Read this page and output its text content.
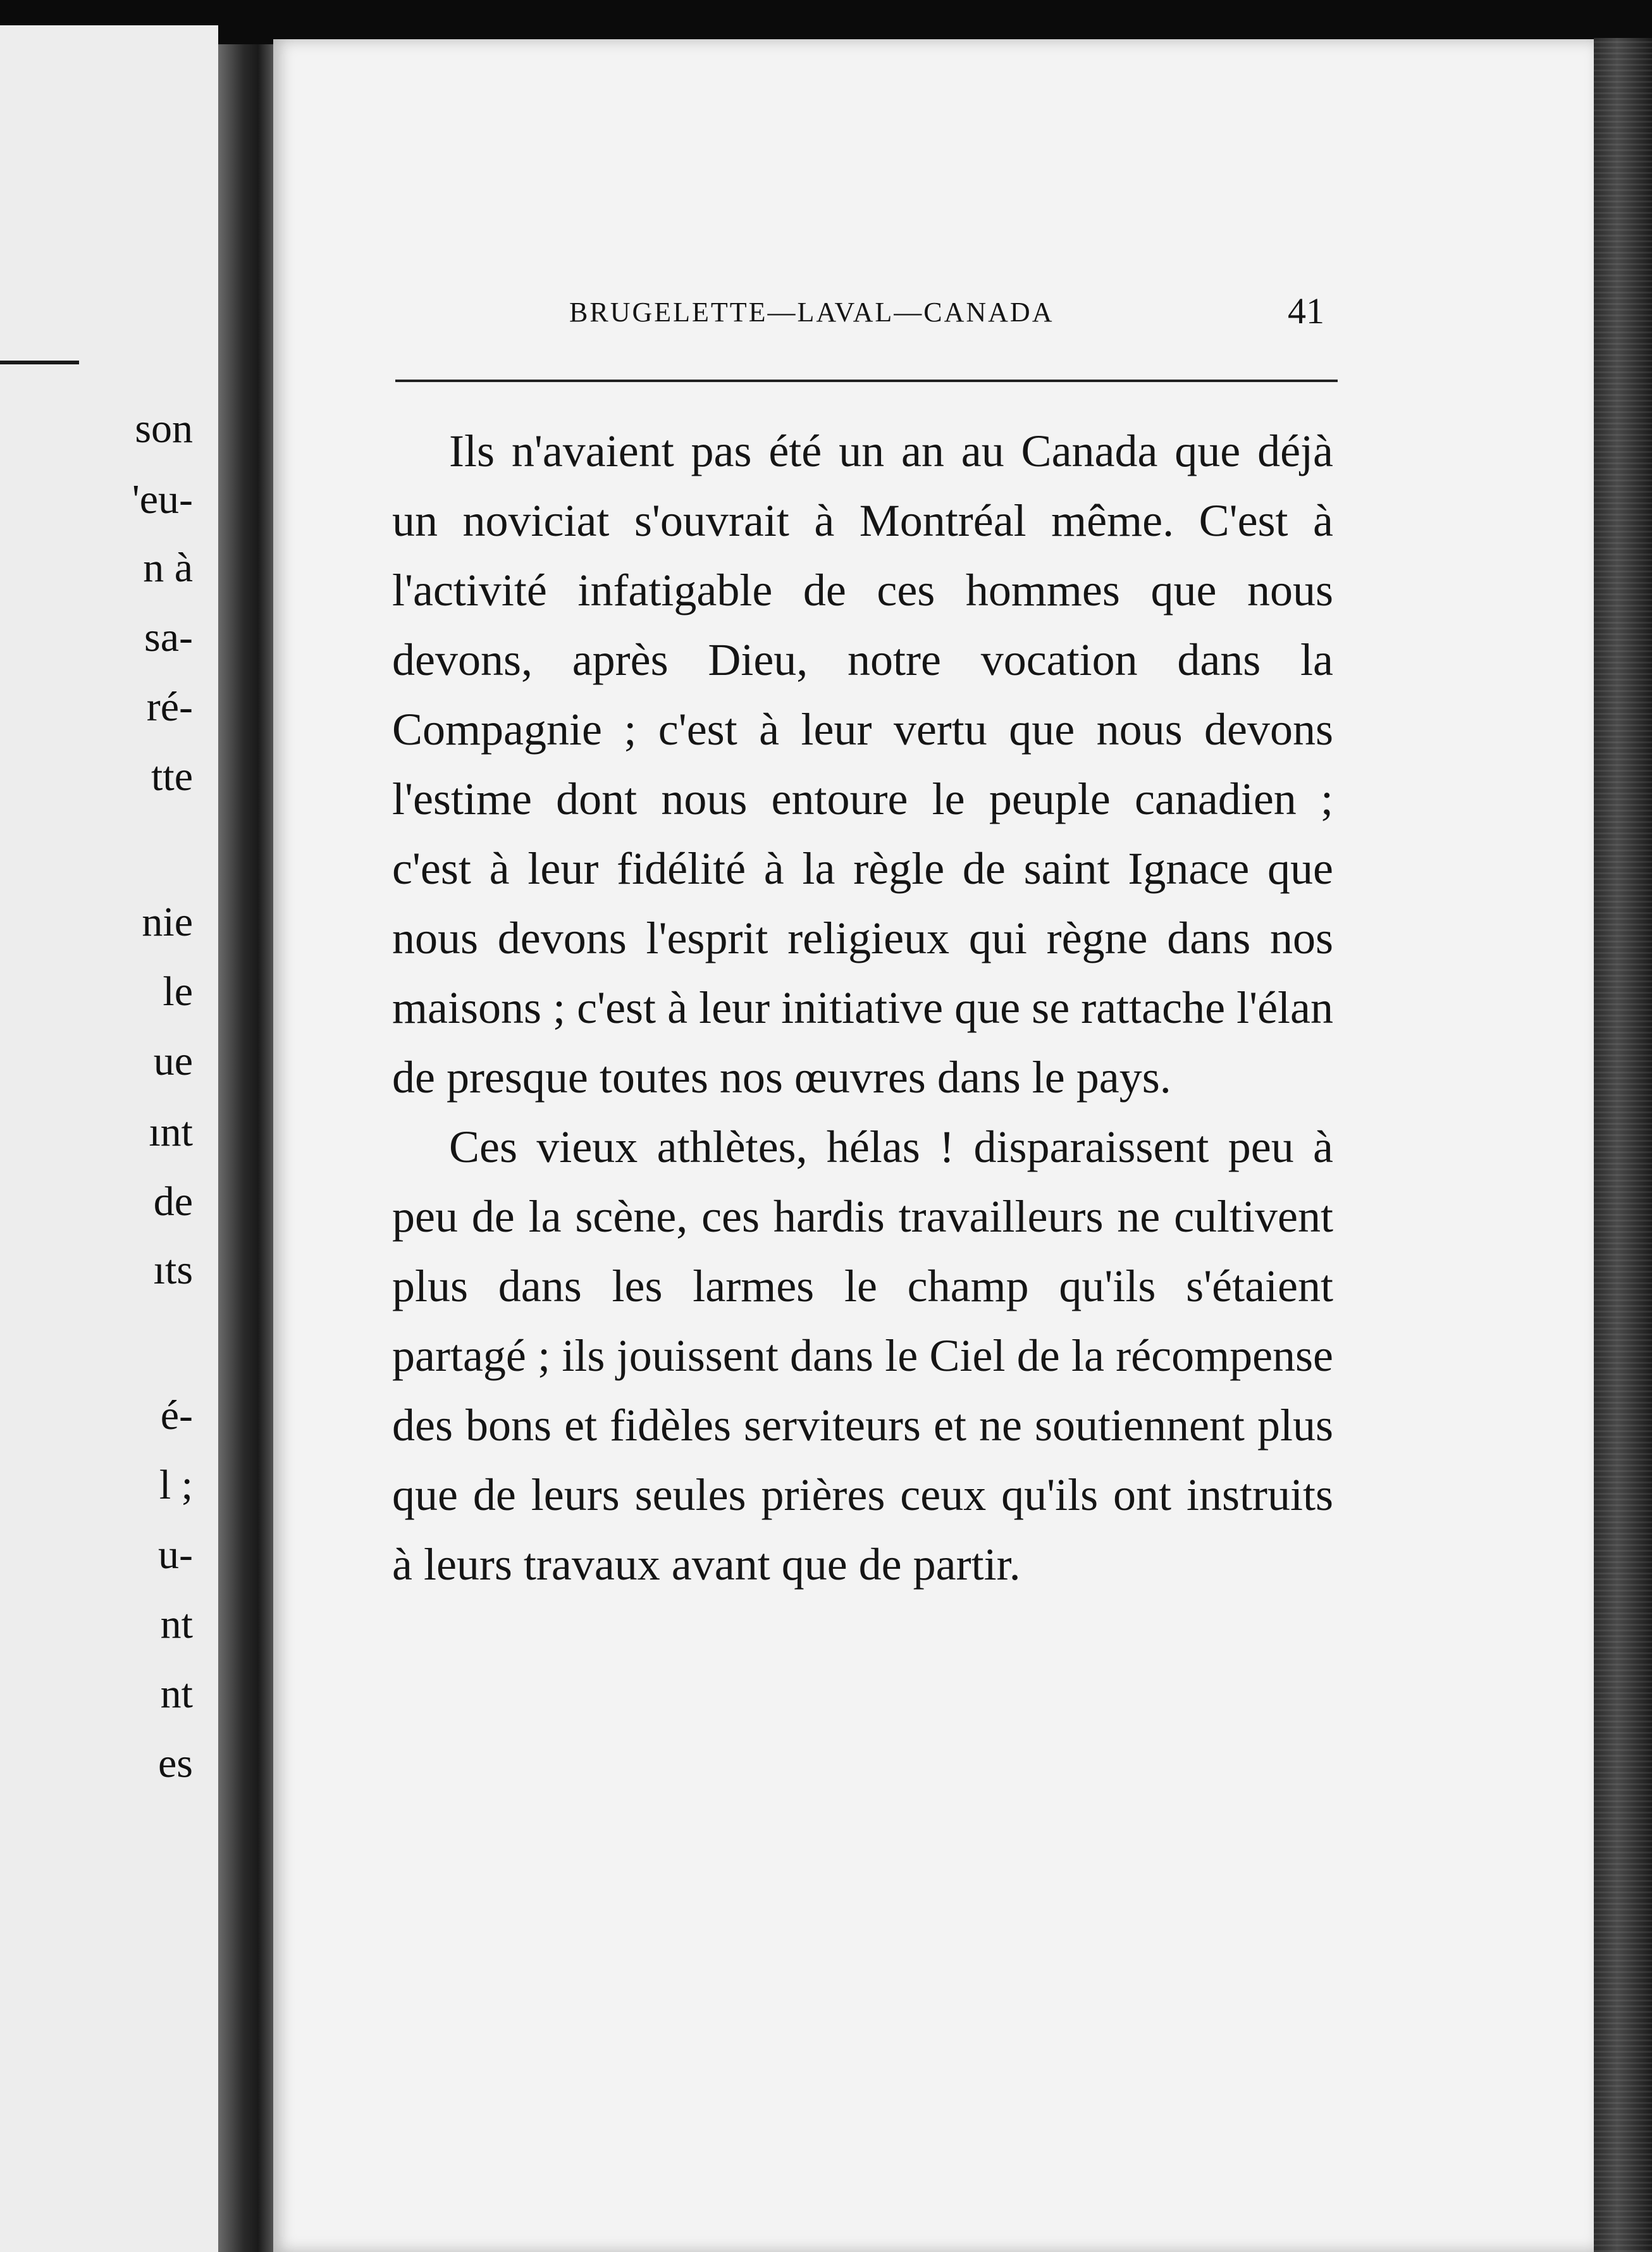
son
'eu-
n à
sa-
ré-
tte
nie
le
ue
ınt
de
ıts
é-
l ;
u-
nt
nt
es
BRUGELETTE—LAVAL—CANADA	41

Ils n'avaient pas été un an au Canada que déjà un noviciat s'ouvrait à Montréal même. C'est à l'activité infatigable de ces hommes que nous devons, après Dieu, notre vocation dans la Compagnie ; c'est à leur vertu que nous devons l'estime dont nous entoure le peuple canadien ; c'est à leur fidélité à la règle de saint Ignace que nous devons l'esprit religieux qui règne dans nos maisons ; c'est à leur initiative que se rattache l'élan de presque toutes nos œuvres dans le pays.

Ces vieux athlètes, hélas ! disparaissent peu à peu de la scène, ces hardis travailleurs ne cultivent plus dans les larmes le champ qu'ils s'étaient partagé ; ils jouissent dans le Ciel de la récompense des bons et fidèles serviteurs et ne soutiennent plus que de leurs seules prières ceux qu'ils ont instruits à leurs travaux avant que de partir.
